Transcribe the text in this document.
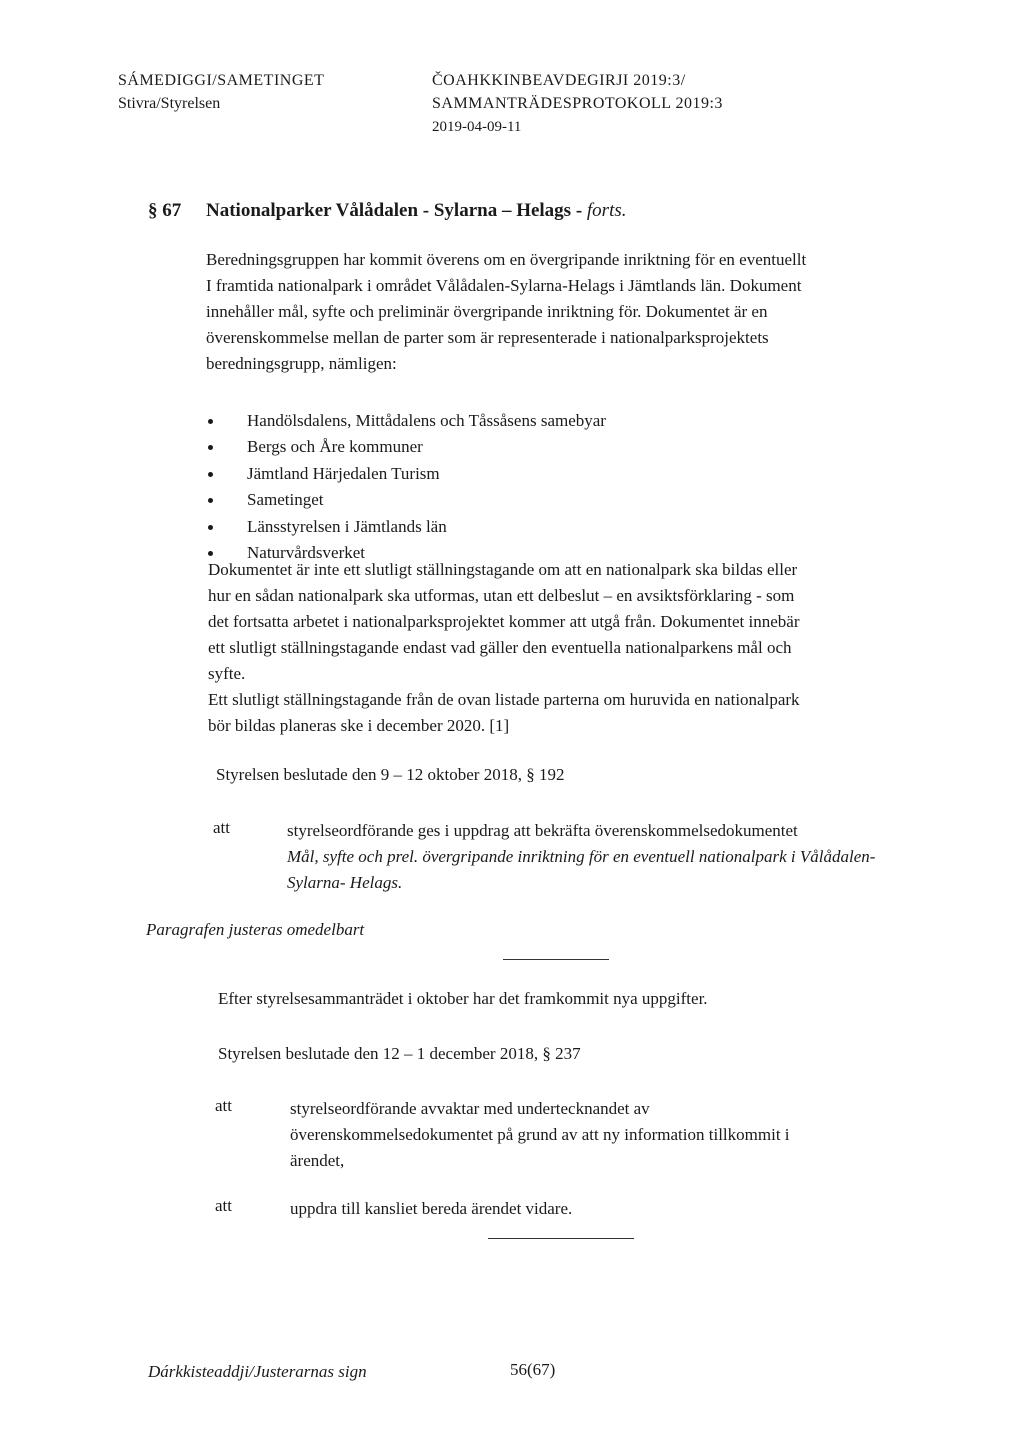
SÁMEDIGGI/SAMETINGET
Stivra/Styrelsen
ČOAHKKINBEAVDEGIRJI 2019:3/
SAMMANTRÄDESPROTOKOLL 2019:3
2019-04-09-11
§ 67 Nationalparker Vålådalen - Sylarna – Helags - forts.
Beredningsgruppen har kommit överens om en övergripande inriktning för en eventuellt
I framtida nationalpark i området Vålådalen-Sylarna-Helags i Jämtlands län. Dokument
innehåller mål, syfte och preliminär övergripande inriktning för. Dokumentet är en
överenskommelse mellan de parter som är representerade i nationalparksprojektets
beredningsgrupp, nämligen:
Handölsdalens, Mittådalens och Tåssåsens samebyar
Bergs och Åre kommuner
Jämtland Härjedalen Turism
Sametinget
Länsstyrelsen i Jämtlands län
Naturvårdsverket
Dokumentet är inte ett slutligt ställningstagande om att en nationalpark ska bildas eller
hur en sådan nationalpark ska utformas, utan ett delbeslut – en avsiktsförklaring - som
det fortsatta arbetet i nationalparksprojektet kommer att utgå från. Dokumentet innebär
ett slutligt ställningstagande endast vad gäller den eventuella nationalparkens mål och
syfte.
Ett slutligt ställningstagande från de ovan listade parterna om huruvida en nationalpark
bör bildas planeras ske i december 2020. [1]
Styrelsen beslutade den 9 – 12 oktober 2018, § 192
att	styrelseordförande ges i uppdrag att bekräfta överenskommelsedokumentet
Mål, syfte och prel. övergripande inriktning för en eventuell nationalpark i Vålådalen-
Sylarna- Helags.
Paragrafen justeras omedelbart
Efter styrelsesammanträdet i oktober har det framkommit nya uppgifter.
Styrelsen beslutade den 12 – 1 december 2018, § 237
att	styrelseordförande avvaktar med undertecknandet av
överenskommelsedokumentet på grund av att ny information tillkommit i
ärendet,
att	uppdra till kansliet bereda ärendet vidare.
Dárkkisteaddji/Justerarnas sign	56(67)
